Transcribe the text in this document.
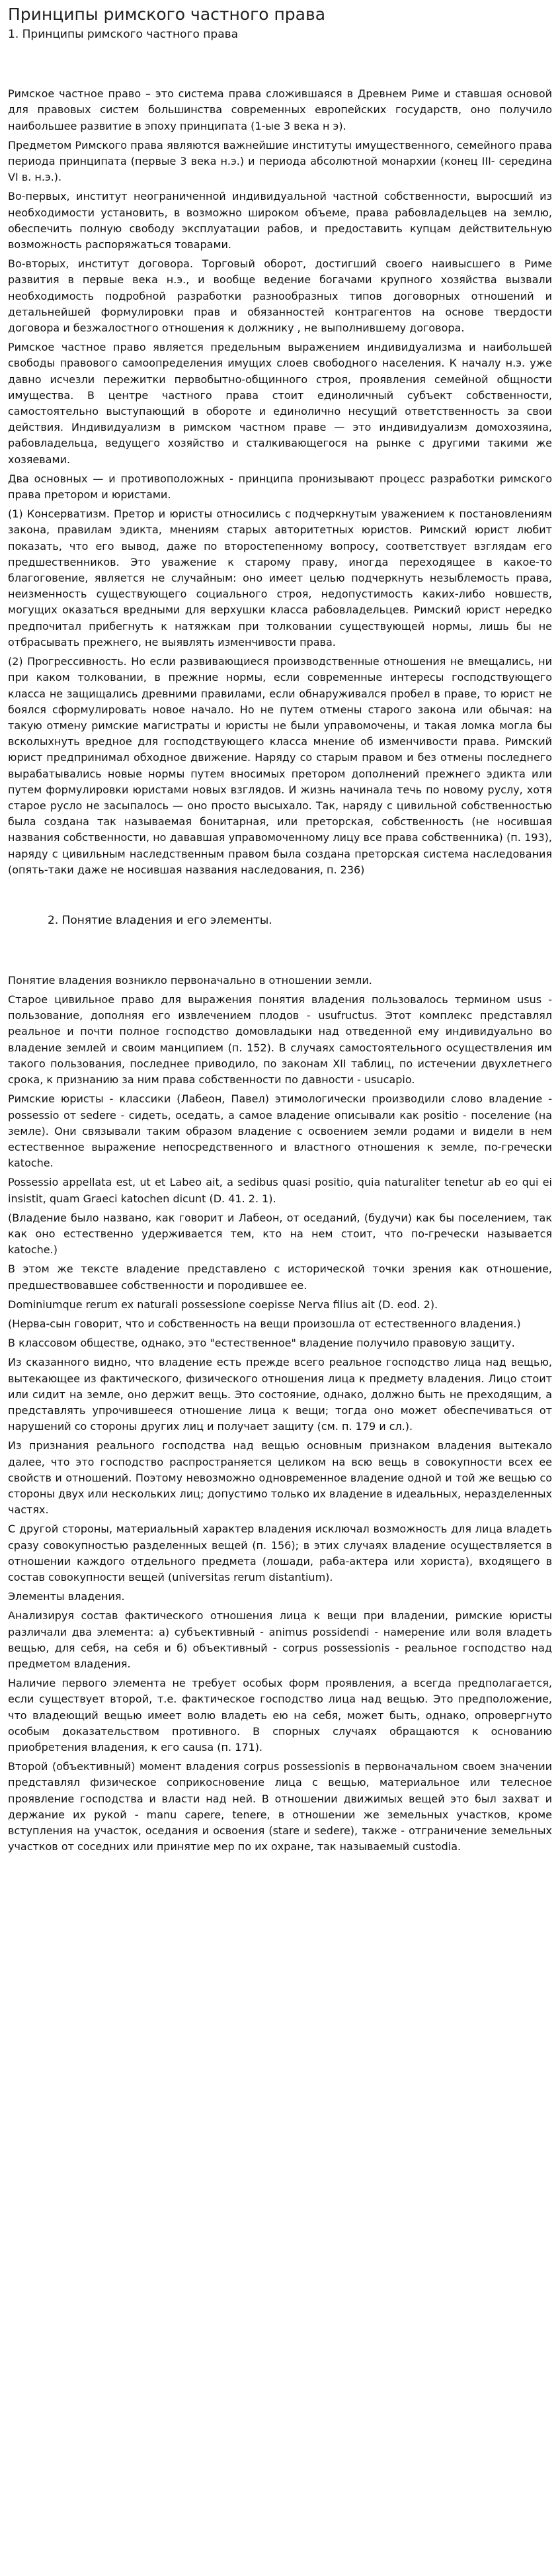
Принципы римского частного права
1. Принципы римского частного права

Римское частное право – это система права сложившаяся в Древнем Риме и ставшая основой для правовых систем большинства современных европейских государств, оно получило наибольшее развитие в эпоху принципата (1-ые 3 века н э).

Предметом Римского права являются важнейшие институты имущественного, семейного права периода принципата (первые 3 века н.э.) и периода абсолютной монархии (конец III- середина VI в. н.э.).

Во-первых, институт неограниченной индивидуальной частной собственности, выросший из необходимости установить, в возможно широком объеме, права рабовладельцев на землю, обеспечить полную свободу эксплуатации рабов, и предоставить купцам действительную возможность распоряжаться товарами.

Во-вторых, институт договора. Торговый оборот, достигший своего наивысшего в Риме развития в первые века н.э., и вообще ведение богачами крупного хозяйства вызвали необходимость подробной разработки разнообразных типов договорных отношений и детальнейшей формулировки прав и обязанностей контрагентов на основе твердости договора и безжалостного отношения к должнику , не выполнившему договора.

Римское частное право является предельным выражением индивидуализма и наибольшей свободы правового самоопределения имущих слоев свободного населения. К началу н.э. уже давно исчезли пережитки первобытно-общинного строя, проявления семейной общности имущества. В центре частного права стоит единоличный субъект собственности, самостоятельно выступающий в обороте и единолично несущий ответственность за свои действия. Индивидуализм в римском частном праве — это индивидуализм домохозяина, рабовладельца, ведущего хозяйство и сталкивающегося на рынке с другими такими же хозяевами.

Два основных — и противоположных - принципа пронизывают процесс разработки римского права претором и юристами.

(1) Консерватизм. Претор и юристы относились с подчеркнутым уважением к постановлениям закона, правилам эдикта, мнениям старых авторитетных юристов. Римский юрист любит показать, что его вывод, даже по второстепенному вопросу, соответствует взглядам его предшественников. Это уважение к старому праву, иногда переходящее в какое-то благоговение, является не случайным: оно имеет целью подчеркнуть незыблемость права, неизменность существующего социального строя, недопустимость каких-либо новшеств, могущих оказаться вредными для верхушки класса рабовладельцев. Римский юрист нередко предпочитал прибегнуть к натяжкам при толковании существующей нормы, лишь бы не отбрасывать прежнего, не выявлять изменчивости права.

(2) Прогрессивность. Но если развивающиеся производственные отношения не вмещались, ни при каком толковании, в прежние нормы, если современные интересы господствующего класса не защищались древними правилами, если обнаруживался пробел в праве, то юрист не боялся сформулировать новое начало. Но не путем отмены старого закона или обычая: на такую отмену римские магистраты и юристы не были управомочены, и такая ломка могла бы всколыхнуть вредное для господствующего класса мнение об изменчивости права. Римский юрист предпринимал обходное движение. Наряду со старым правом и без отмены последнего вырабатывались новые нормы путем вносимых претором дополнений прежнего эдикта или путем формулировки юристами новых взглядов. И жизнь начинала течь по новому руслу, хотя старое русло не засыпалось — оно просто высыхало. Так, наряду с цивильной собственностью была создана так называемая бонитарная, или преторская, собственность (не носившая названия собственности, но дававшая управомоченному лицу все права собственника) (п. 193), наряду с цивильным наследственным правом была создана преторская система наследования (опять-таки даже не носившая названия наследования, п. 236)

2. Понятие владения и его элементы.

Понятие владения возникло первоначально в отношении земли.

Старое цивильное право для выражения понятия владения пользовалось термином usus - пользование, дополняя его извлечением плодов - usufructus. Этот комплекс представлял реальное и почти полное господство домовладыки над отведенной ему индивидуально во владение землей и своим манципием (п. 152). В случаях самостоятельного осуществления им такого пользования, последнее приводило, по законам XII таблиц, по истечении двухлетнего срока, к признанию за ним права собственности по давности - usucapio.

Римские юристы - классики (Лабеон, Павел) этимологически производили слово владение - possessio от sedere - сидеть, оседать, а самое владение описывали как positio - поселение (на земле). Они связывали таким образом владение с освоением земли родами и видели в нем естественное выражение непосредственного и властного отношения к земле, по-гречески katoche.

Possessio appellata est, ut et Labeo ait, a sedibus quasi positio, quia naturaliter tenetur ab eo qui ei insistit, quam Graeci katochen dicunt (D. 41. 2. 1).

(Владение было названо, как говорит и Лабеон, от оседаний, (будучи) как бы поселением, так как оно естественно удерживается тем, кто на нем стоит, что по-гречески называется katoche.)

В этом же тексте владение представлено с исторической точки зрения как отношение, предшествовавшее собственности и породившее ее.

Dominiumque rerum ex naturali possessione coepisse Nerva filius ait (D. eod. 2).

(Нерва-сын говорит, что и собственность на вещи произошла от естественного владения.)

В классовом обществе, однако, это "естественное" владение получило правовую защиту.

Из сказанного видно, что владение есть прежде всего реальное господство лица над вещью, вытекающее из фактического, физического отношения лица к предмету владения. Лицо стоит или сидит на земле, оно держит вещь. Это состояние, однако, должно быть не преходящим, а представлять упрочившееся отношение лица к вещи; тогда оно может обеспечиваться от нарушений со стороны других лиц и получает защиту (см. п. 179 и сл.).

Из признания реального господства над вещью основным признаком владения вытекало далее, что это господство распространяется целиком на всю вещь в совокупности всех ее свойств и отношений. Поэтому невозможно одновременное владение одной и той же вещью со стороны двух или нескольких лиц; допустимо только их владение в идеальных, неразделенных частях.

С другой стороны, материальный характер владения исключал возможность для лица владеть сразу совокупностью разделенных вещей (п. 156); в этих случаях владение осуществляется в отношении каждого отдельного предмета (лошади, раба-актера или хориста), входящего в состав совокупности вещей (universitas rerum distantium).

Элементы владения.

Анализируя состав фактического отношения лица к вещи при владении, римские юристы различали два элемента: а) субъективный - animus possidendi - намерение или воля владеть вещью, для себя, на себя и б) объективный - corpus possessionis - реальное господство над предметом владения.

Наличие первого элемента не требует особых форм проявления, а всегда предполагается, если существует второй, т.е. фактическое господство лица над вещью. Это предположение, что владеющий вещью имеет волю владеть ею на себя, может быть, однако, опровергнуто особым доказательством противного. В спорных случаях обращаются к основанию приобретения владения, к его causa (п. 171).

Второй (объективный) момент владения corpus possessionis в первоначальном своем значении представлял физическое соприкосновение лица с вещью, материальное или телесное проявление господства и власти над ней. В отношении движимых вещей это был захват и держание их рукой - manu capere, tenere, в отношении же земельных участков, кроме вступления на участок, оседания и освоения (stare и sedere), также - отграничение земельных участков от соседних или принятие мер по их охране, так называемый custodia.
